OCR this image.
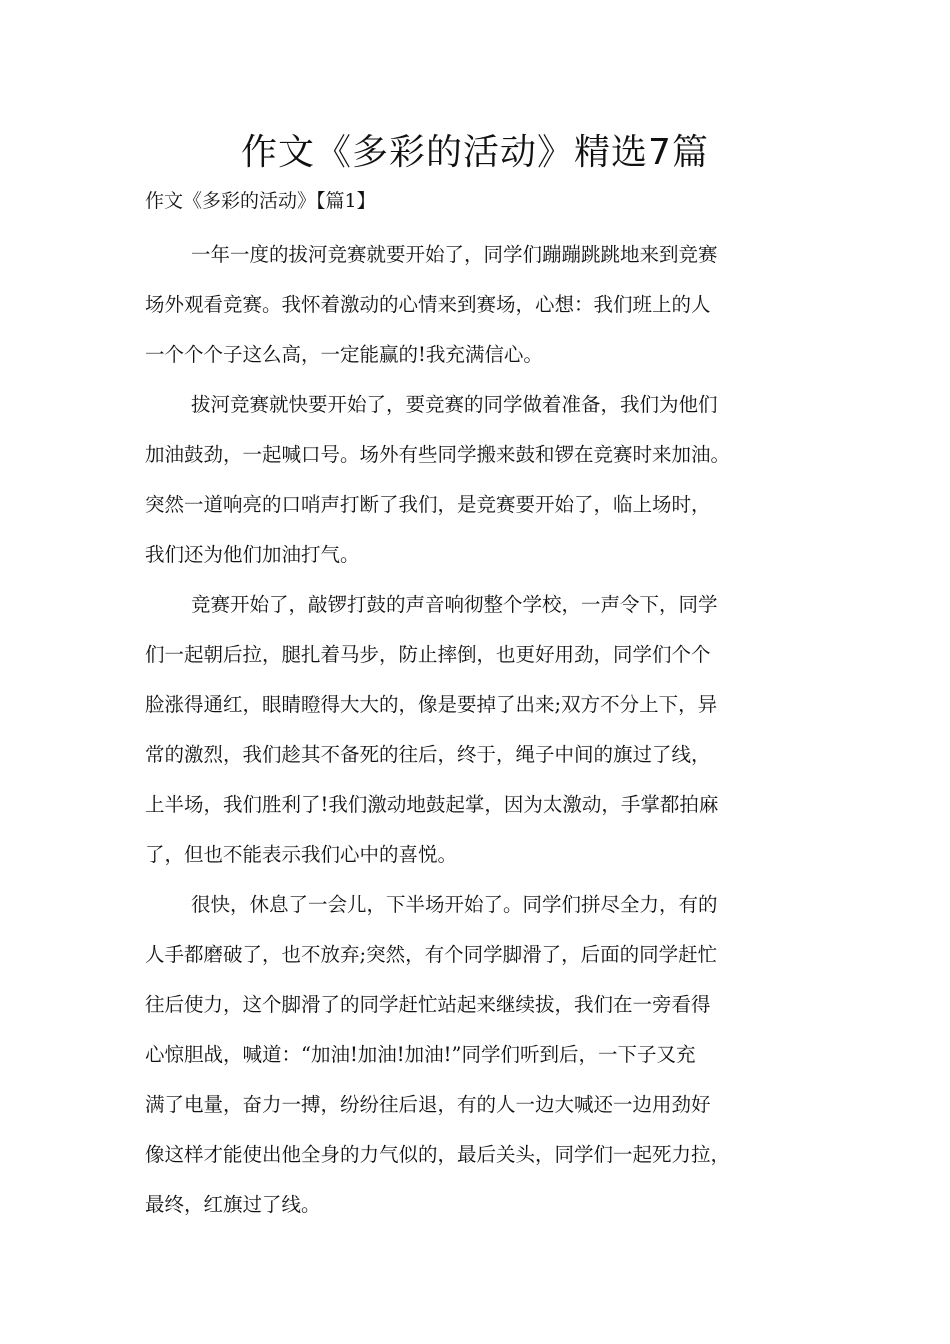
作文《多彩的活动》精选7篇
作文《多彩的活动》【篇1】
一年一度的拔河竞赛就要开始了，同学们蹦蹦跳跳地来到竞赛
场外观看竞赛。我怀着激动的心情来到赛场，心想：我们班上的人
一个个个子这么高，一定能赢的!我充满信心。
拔河竞赛就快要开始了，要竞赛的同学做着准备，我们为他们
加油鼓劲，一起喊口号。场外有些同学搬来鼓和锣在竞赛时来加油。
突然一道响亮的口哨声打断了我们，是竞赛要开始了，临上场时，
我们还为他们加油打气。
竞赛开始了，敲锣打鼓的声音响彻整个学校，一声令下，同学
们一起朝后拉，腿扎着马步，防止摔倒，也更好用劲，同学们个个
脸涨得通红，眼睛瞪得大大的，像是要掉了出来;双方不分上下，异
常的激烈，我们趁其不备死的往后，终于，绳子中间的旗过了线，
上半场，我们胜利了!我们激动地鼓起掌，因为太激动，手掌都拍麻
了，但也不能表示我们心中的喜悦。
很快，休息了一会儿，下半场开始了。同学们拼尽全力，有的
人手都磨破了，也不放弃;突然，有个同学脚滑了，后面的同学赶忙
往后使力，这个脚滑了的同学赶忙站起来继续拔，我们在一旁看得
心惊胆战，喊道：“加油!加油!加油!”同学们听到后，一下子又充
满了电量，奋力一搏，纷纷往后退，有的人一边大喊还一边用劲好
像这样才能使出他全身的力气似的，最后关头，同学们一起死力拉，
最终，红旗过了线。
